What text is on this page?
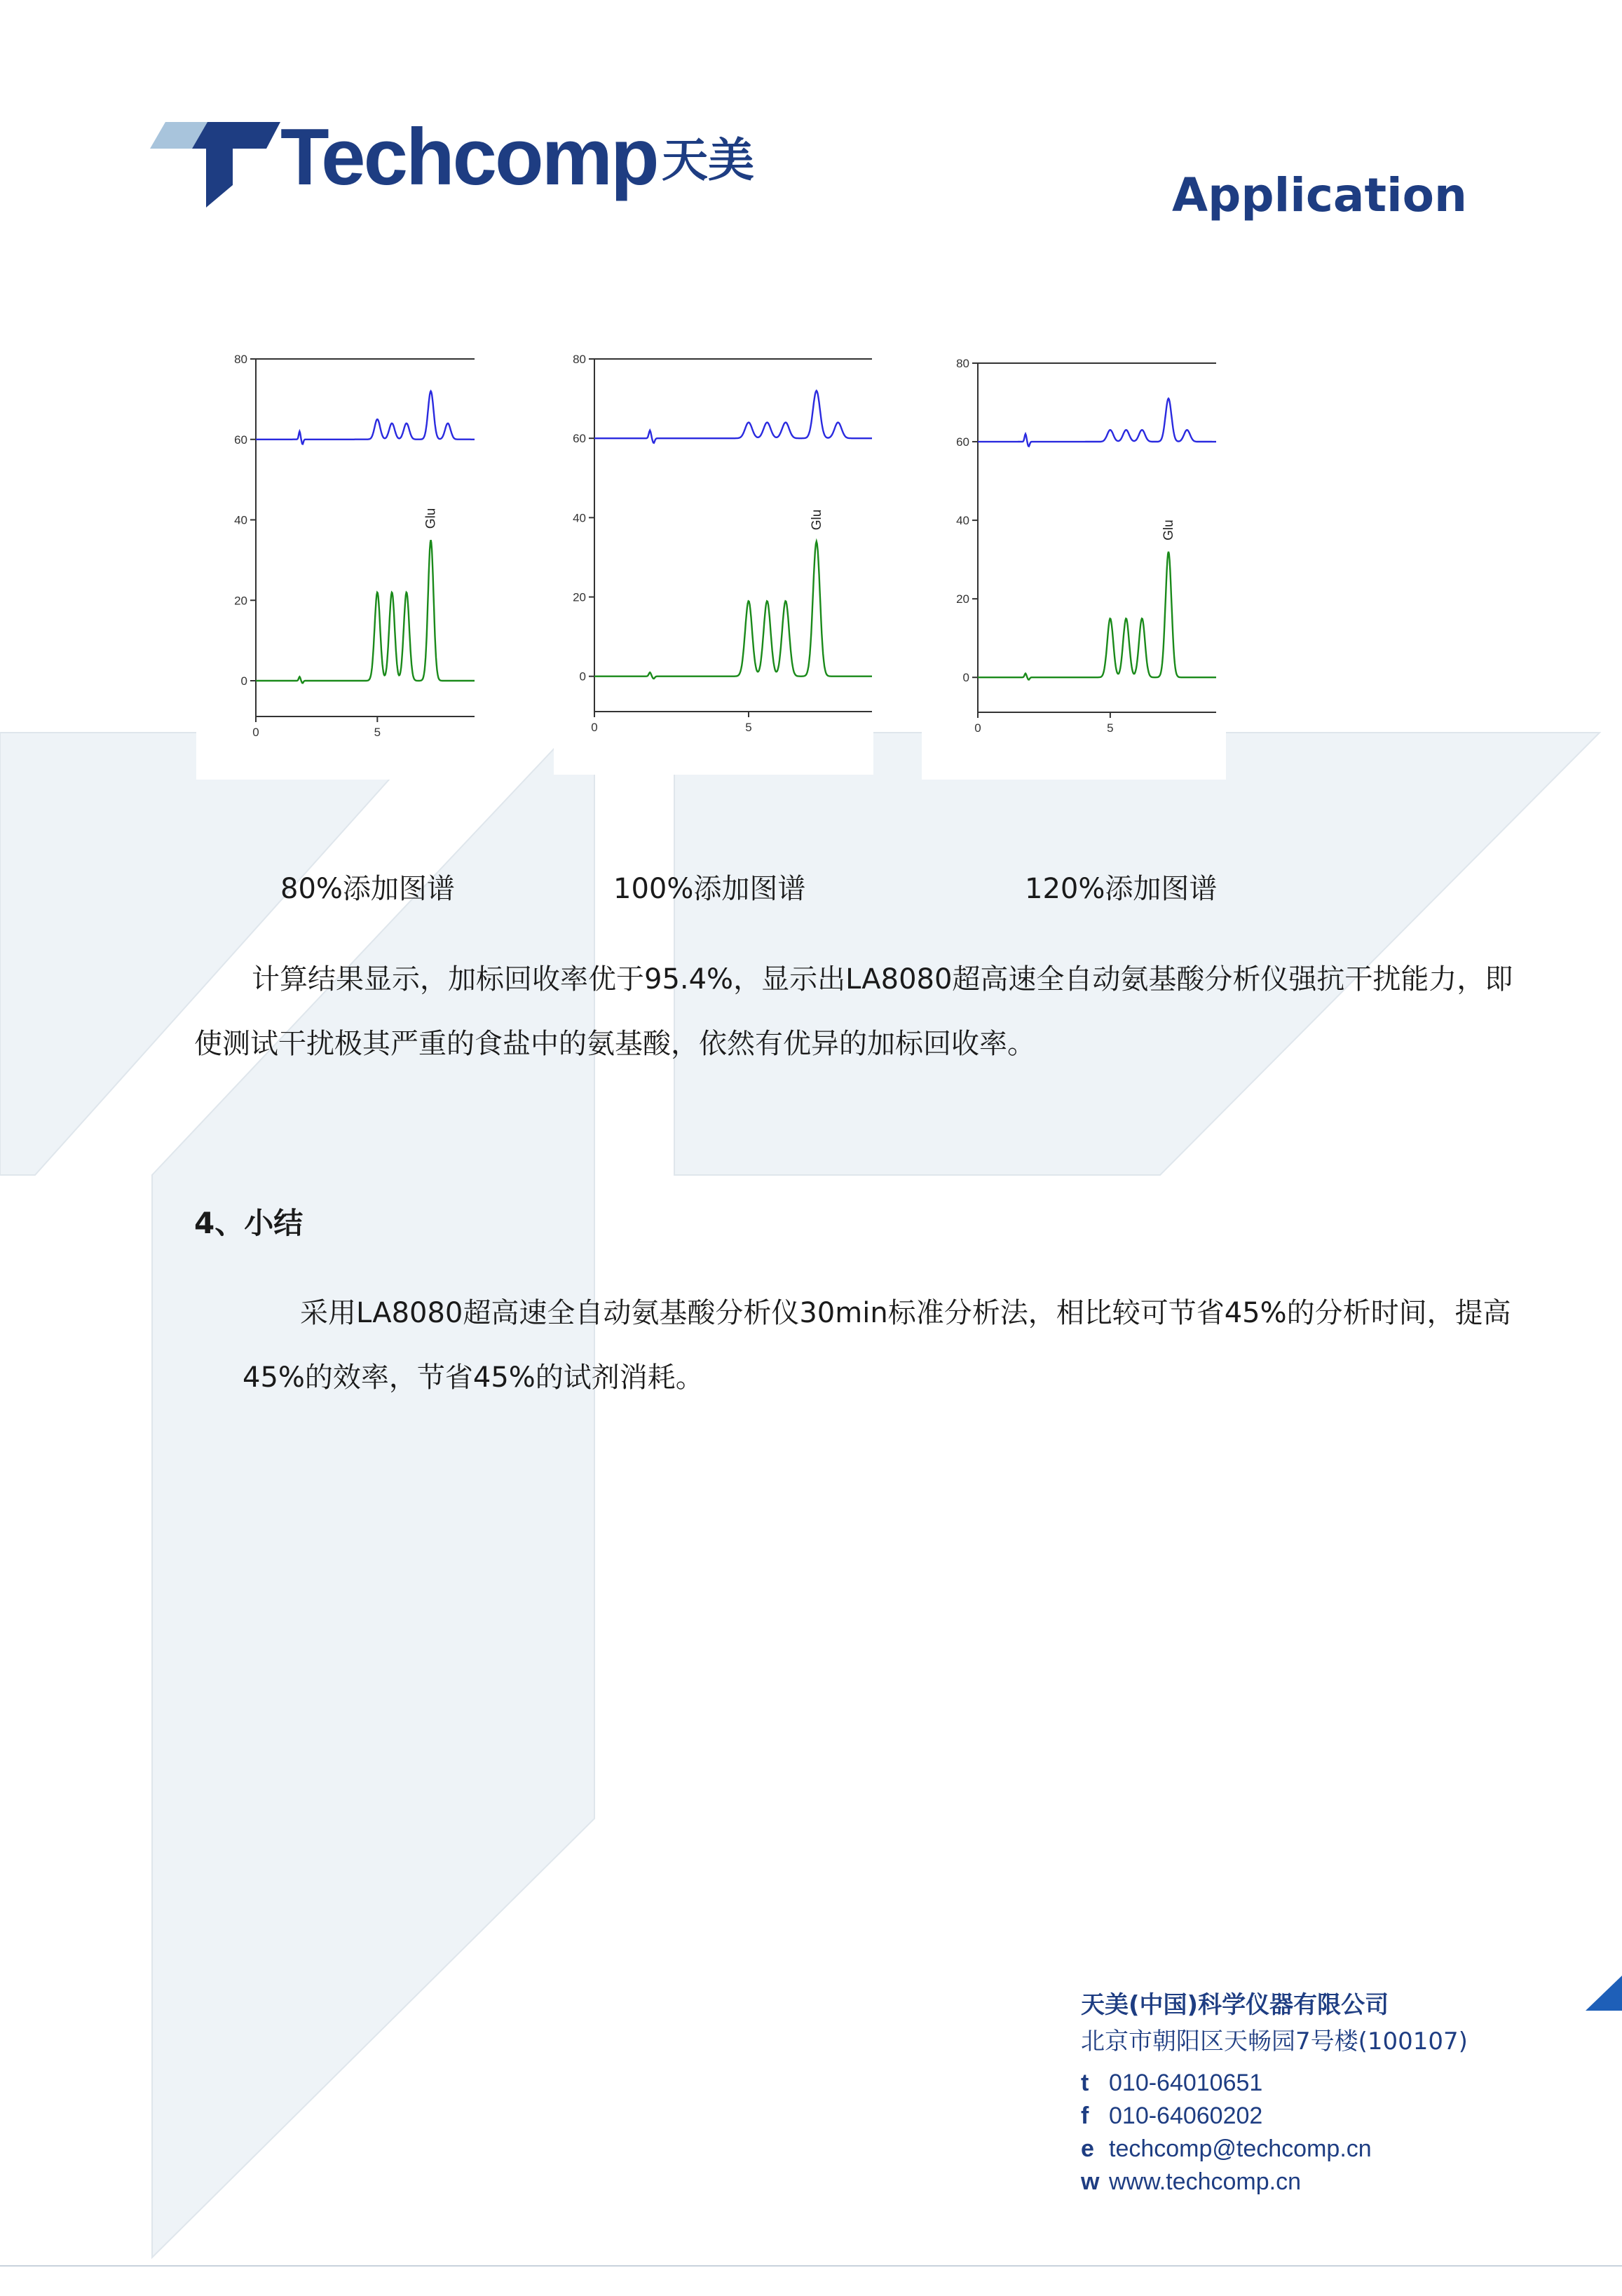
Techcomp 天美
Application
0
20
40
60
80
0	5
Glu
0
20
40
60
80
0	5
Glu
0
20
40
60
80
0	5
Glu
80%添加图谱	100%添加图谱	120%添加图谱
计算结果显示，加标回收率优于95.4%，显示出LA8080超高速全自动氨基酸分析仪强抗干扰能力，即使测试干扰极其严重的食盐中的氨基酸，依然有优异的加标回收率。
4、小结
采用LA8080超高速全自动氨基酸分析仪30min标准分析法，相比较可节省45%的分析时间，提高45%的效率，节省45%的试剂消耗。
天美(中国)科学仪器有限公司
北京市朝阳区天畅园7号楼(100107)
t 010-64010651
f 010-64060202
e techcomp@techcomp.cn
w www.techcomp.cn
